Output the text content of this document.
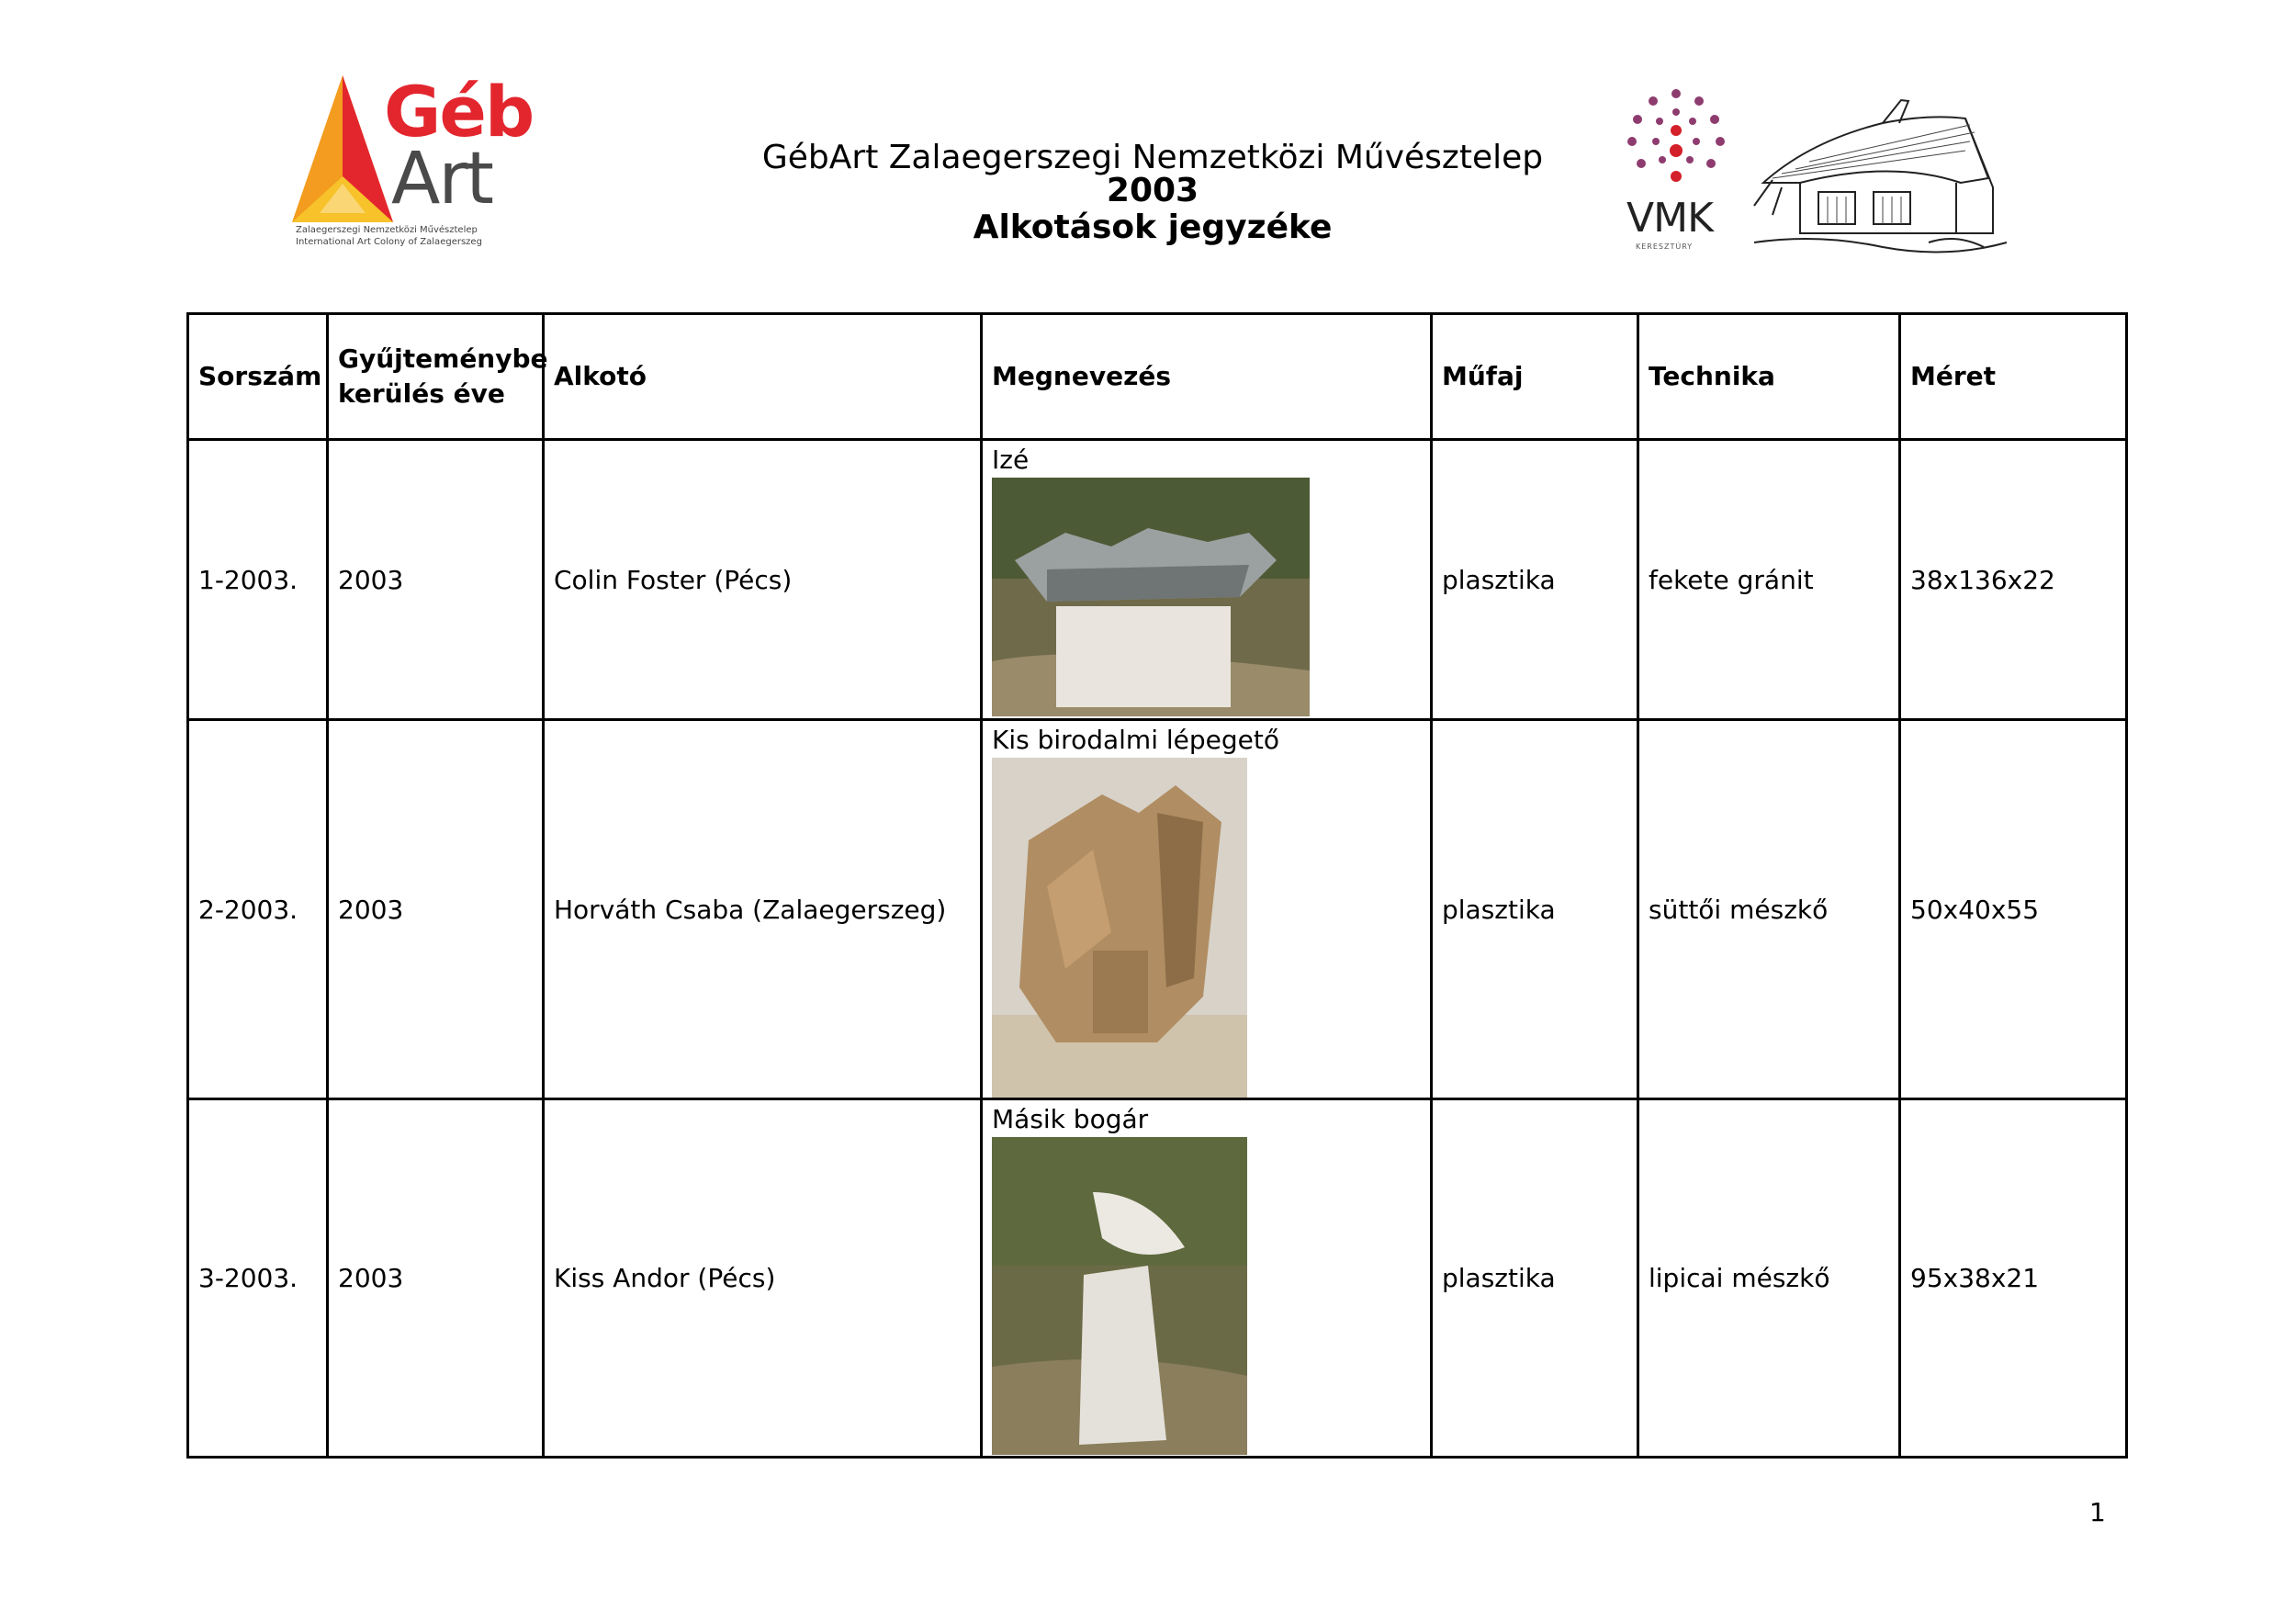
Géb
Art
Zalaegerszegi Nemzetközi Művésztelep
International Art Colony of Zalaegerszeg
GébArt Zalaegerszegi Nemzetközi Művésztelep 2003
Alkotások jegyzéke	VMK
KERESZTÚRY
Sorszám	Gyűjteménybe kerülés éve	Alkotó	Megnevezés	Műfaj	Technika	Méret
1-2003.	2003	Colin Foster (Pécs)	Izé	plasztika	fekete gránit	38x136x22
2-2003.	2003	Horváth Csaba (Zalaegerszeg)	Kis birodalmi lépegető	plasztika	süttői mészkő	50x40x55
3-2003.	2003	Kiss Andor (Pécs)	Másik bogár	plasztika	lipicai mészkő	95x38x21
1
